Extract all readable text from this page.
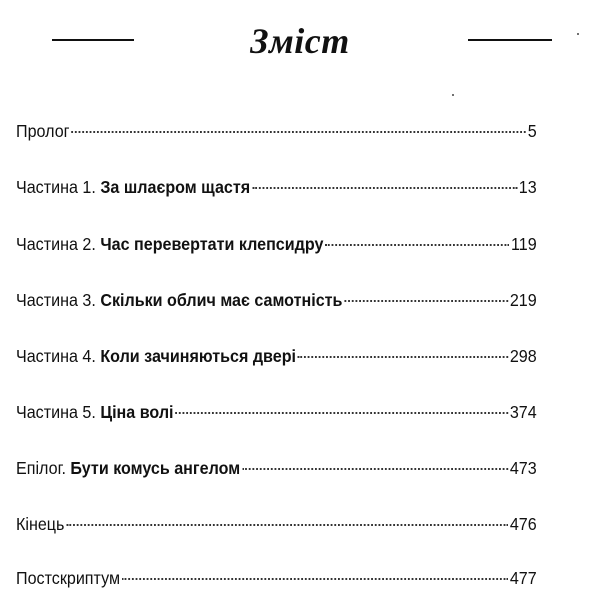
Зміст
Пролог	5
Частина 1. За шлаєром щастя	13
Частина 2. Час перевертати клепсидру	119
Частина 3. Скільки облич має самотність	219
Частина 4. Коли зачиняються двері	298
Частина 5. Ціна волі	374
Епілог. Бути комусь ангелом	473
Кінець	476
Постскриптум	477
